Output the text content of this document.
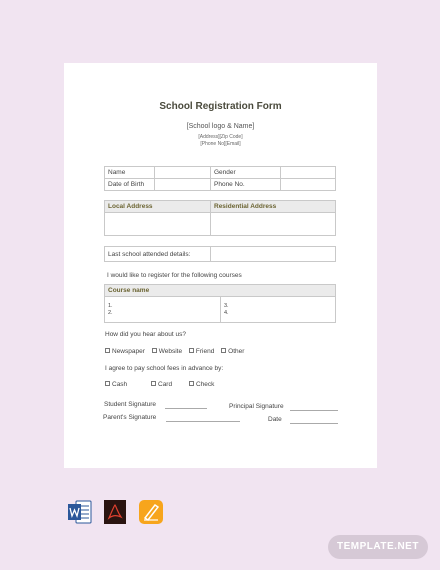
School Registration Form
[School logo & Name]
[Address][Zip Code]
[Phone No][Email]
Name		Gender	
Date of Birth		Phone No.	
Local Address	Residential Address

Last school attended details:	
I would like to register for the following courses
Course name

1.
2.

3.
4.
How did you hear about us?
Newspaper Website Friend Other
I agree to pay school fees in advance by:
Cash	Card	Check
Student Signature	Principal Signature
Parent's Signature	Date
TEMPLATE.NET
